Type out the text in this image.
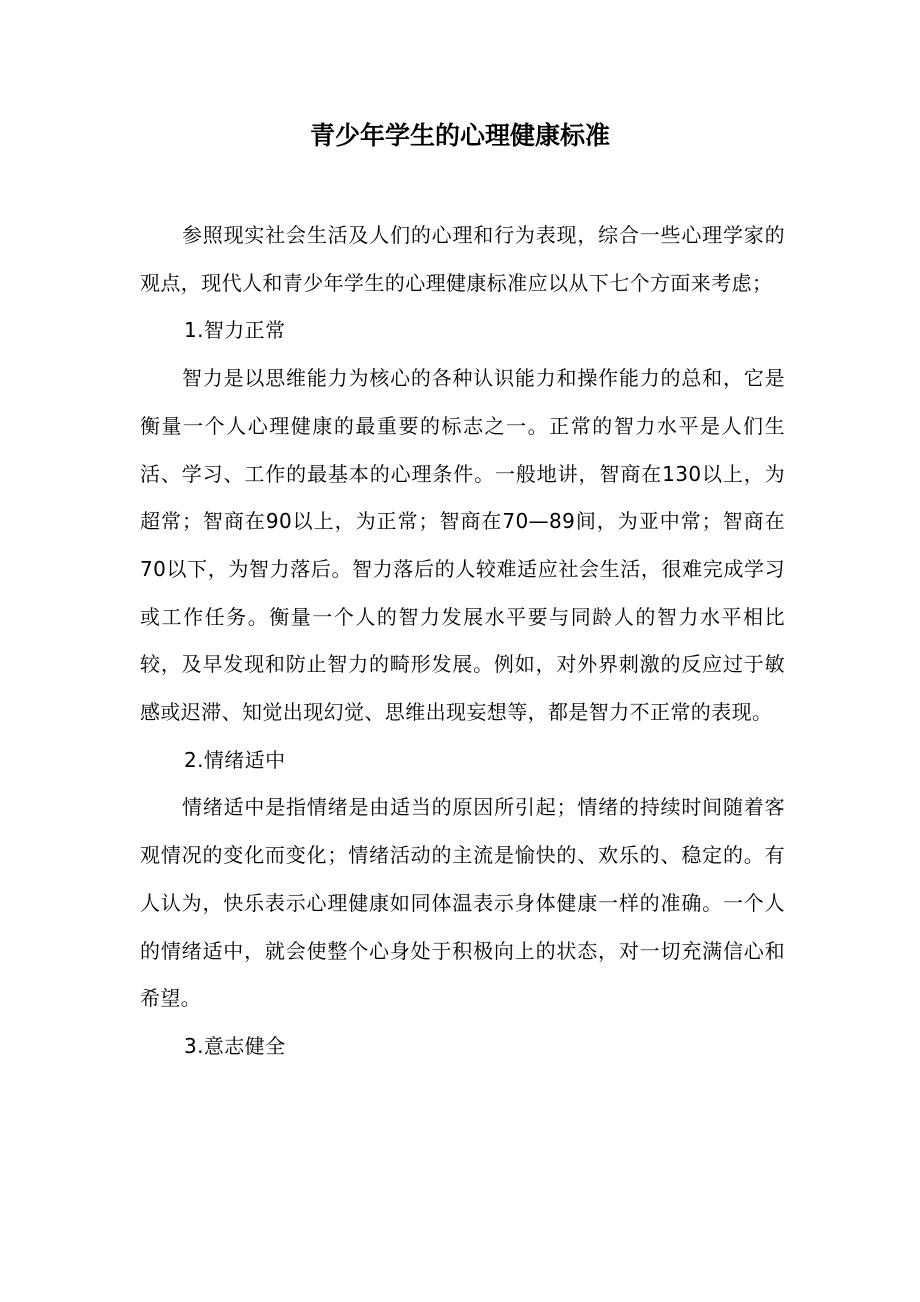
青少年学生的心理健康标准

参照现实社会生活及人们的心理和行为表现，综合一些心理学家的观点，现代人和青少年学生的心理健康标准应以从下七个方面来考虑；

1.智力正常

智力是以思维能力为核心的各种认识能力和操作能力的总和，它是衡量一个人心理健康的最重要的标志之一。正常的智力水平是人们生活、学习、工作的最基本的心理条件。一般地讲，智商在130以上，为超常；智商在90以上，为正常；智商在70—89间，为亚中常；智商在70以下，为智力落后。智力落后的人较难适应社会生活，很难完成学习或工作任务。衡量一个人的智力发展水平要与同龄人的智力水平相比较，及早发现和防止智力的畸形发展。例如，对外界刺激的反应过于敏感或迟滞、知觉出现幻觉、思维出现妄想等，都是智力不正常的表现。

2.情绪适中

情绪适中是指情绪是由适当的原因所引起；情绪的持续时间随着客观情况的变化而变化；情绪活动的主流是愉快的、欢乐的、稳定的。有人认为，快乐表示心理健康如同体温表示身体健康一样的准确。一个人的情绪适中，就会使整个心身处于积极向上的状态，对一切充满信心和希望。

3.意志健全
